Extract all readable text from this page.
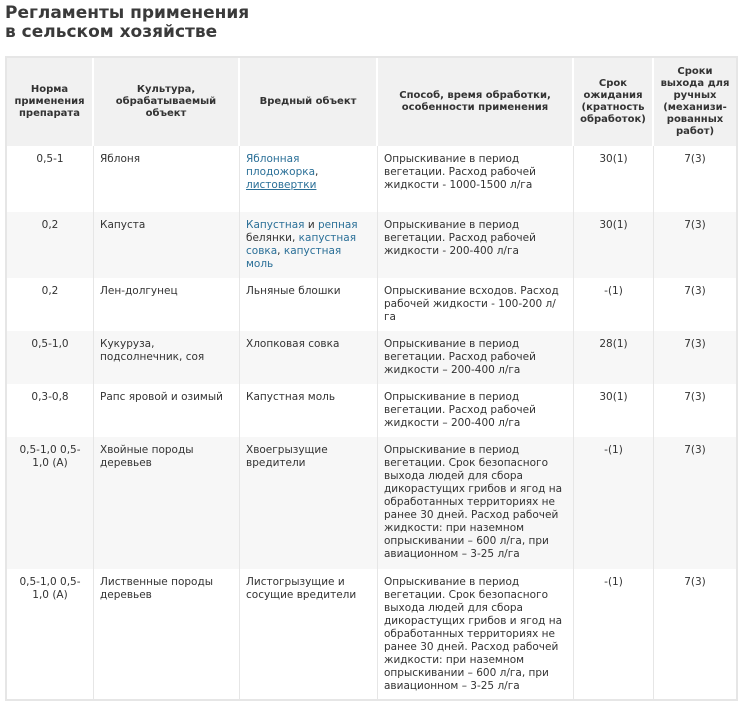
Регламенты применения
в сельском хозяйстве
Норма применения препарата	Культура, обрабатываемый объект	Вредный объект	Способ, время обработки, особенности применения	Срок ожидания (кратность обработок)	Сроки выхода для ручных (механизи-рованных работ)
0,5-1	Яблоня	Яблонная плодожорка, листовертки	Опрыскивание в период вегетации. Расход рабочей жидкости - 1000-1500 л/га	30(1)	7(3)
0,2	Капуста	Капустная и репная белянки, капустная совка, капустная моль	Опрыскивание в период вегетации. Расход рабочей жидкости - 200-400 л/га	30(1)	7(3)
0,2	Лен-долгунец	Льняные блошки	Опрыскивание всходов. Расход рабочей жидкости - 100-200 л/га	-(1)	7(3)
0,5-1,0	Кукуруза, подсолнечник, соя	Хлопковая совка	Опрыскивание в период вегетации. Расход рабочей жидкости – 200-400 л/га	28(1)	7(3)
0,3-0,8	Рапс яровой и озимый	Капустная моль	Опрыскивание в период вегетации. Расход рабочей жидкости – 200-400 л/га	30(1)	7(3)
0,5-1,0 0,5-1,0 (А)	Хвойные породы деревьев	Хвоегрызущие вредители	Опрыскивание в период вегетации. Срок безопасного выхода людей для сбора дикорастущих грибов и ягод на обработанных территориях не ранее 30 дней. Расход рабочей жидкости: при наземном опрыскивании – 600 л/га, при авиационном – 3-25 л/га	-(1)	7(3)
0,5-1,0 0,5-1,0 (А)	Лиственные породы деревьев	Листогрызущие и сосущие вредители	Опрыскивание в период вегетации. Срок безопасного выхода людей для сбора дикорастущих грибов и ягод на обработанных территориях не ранее 30 дней. Расход рабочей жидкости: при наземном опрыскивании – 600 л/га, при авиационном – 3-25 л/га	-(1)	7(3)
